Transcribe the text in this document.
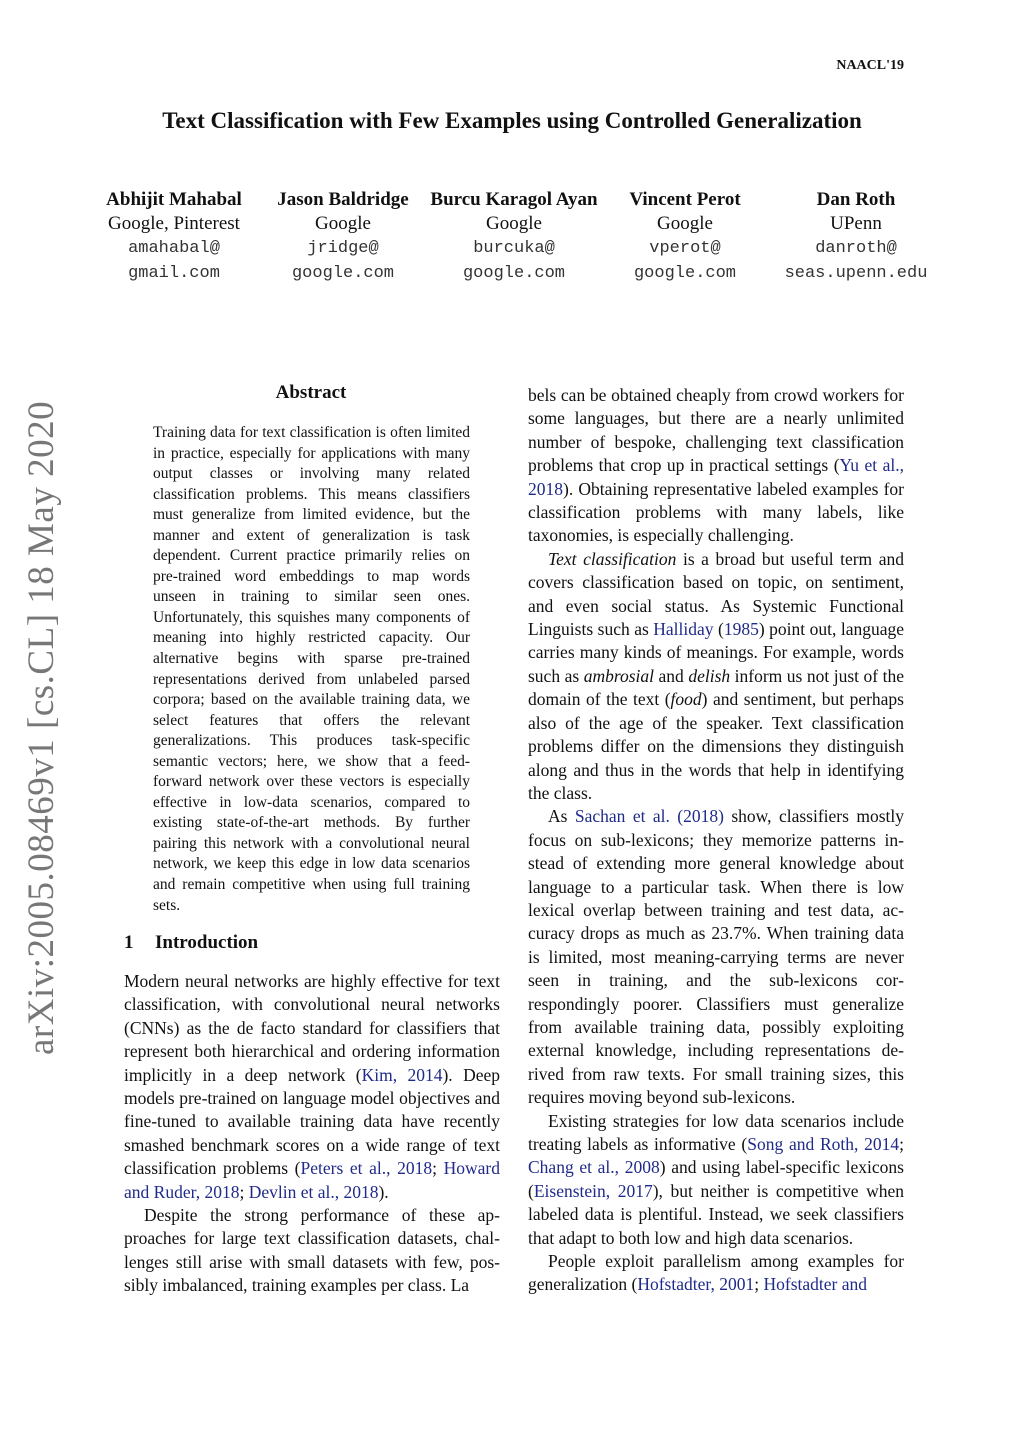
NAACL'19
Text Classification with Few Examples using Controlled Generalization
Abhijit Mahabal
Google, Pinterest
amahabal@
gmail.com
Jason Baldridge
Google
jridge@
google.com
Burcu Karagol Ayan
Google
burcuka@
google.com
Vincent Perot
Google
vperot@
google.com
Dan Roth
UPenn
danroth@
seas.upenn.edu
arXiv:2005.08469v1 [cs.CL] 18 May 2020
Abstract
Training data for text classification is often limited in practice, especially for applications with many output classes or involving many related classification problems. This means classifiers must generalize from limited evidence, but the manner and extent of generalization is task dependent. Current practice primarily relies on pre-trained word embeddings to map words unseen in training to similar seen ones. Unfortunately, this squishes many components of meaning into highly restricted capacity. Our alternative begins with sparse pre-trained representations derived from unlabeled parsed corpora; based on the available training data, we select features that offers the relevant generalizations. This produces task-specific semantic vectors; here, we show that a feed-forward network over these vectors is especially effective in low-data scenarios, compared to existing state-of-the-art methods. By further pairing this network with a convolutional neural network, we keep this edge in low data scenarios and remain competitive when using full training sets.
1 Introduction

Modern neural networks are highly effective for text classification, with convolutional neural networks (CNNs) as the de facto standard for classifiers that represent both hierarchical and ordering information implicitly in a deep network (Kim, 2014). Deep models pre-trained on language model objectives and fine-tuned to available training data have recently smashed benchmark scores on a wide range of text classification problems (Peters et al., 2018; Howard and Ruder, 2018; Devlin et al., 2018).

Despite the strong performance of these approaches for large text classification datasets, challenges still arise with small datasets with few, possibly imbalanced, training examples per class. La

bels can be obtained cheaply from crowd workers for some languages, but there are a nearly unlimited number of bespoke, challenging text classification problems that crop up in practical settings (Yu et al., 2018). Obtaining representative labeled examples for classification problems with many labels, like taxonomies, is especially challenging.

Text classification is a broad but useful term and covers classification based on topic, on sentiment, and even social status. As Systemic Functional Linguists such as Halliday (1985) point out, language carries many kinds of meanings. For example, words such as ambrosial and delish inform us not just of the domain of the text (food) and sentiment, but perhaps also of the age of the speaker. Text classification problems differ on the dimensions they distinguish along and thus in the words that help in identifying the class.

As Sachan et al. (2018) show, classifiers mostly focus on sub-lexicons; they memorize patterns instead of extending more general knowledge about language to a particular task. When there is low lexical overlap between training and test data, accuracy drops as much as 23.7%. When training data is limited, most meaning-carrying terms are never seen in training, and the sub-lexicons correspondingly poorer. Classifiers must generalize from available training data, possibly exploiting external knowledge, including representations derived from raw texts. For small training sizes, this requires moving beyond sub-lexicons.

Existing strategies for low data scenarios include treating labels as informative (Song and Roth, 2014; Chang et al., 2008) and using label-specific lexicons (Eisenstein, 2017), but neither is competitive when labeled data is plentiful. Instead, we seek classifiers that adapt to both low and high data scenarios.

People exploit parallelism among examples for generalization (Hofstadter, 2001; Hofstadter and
